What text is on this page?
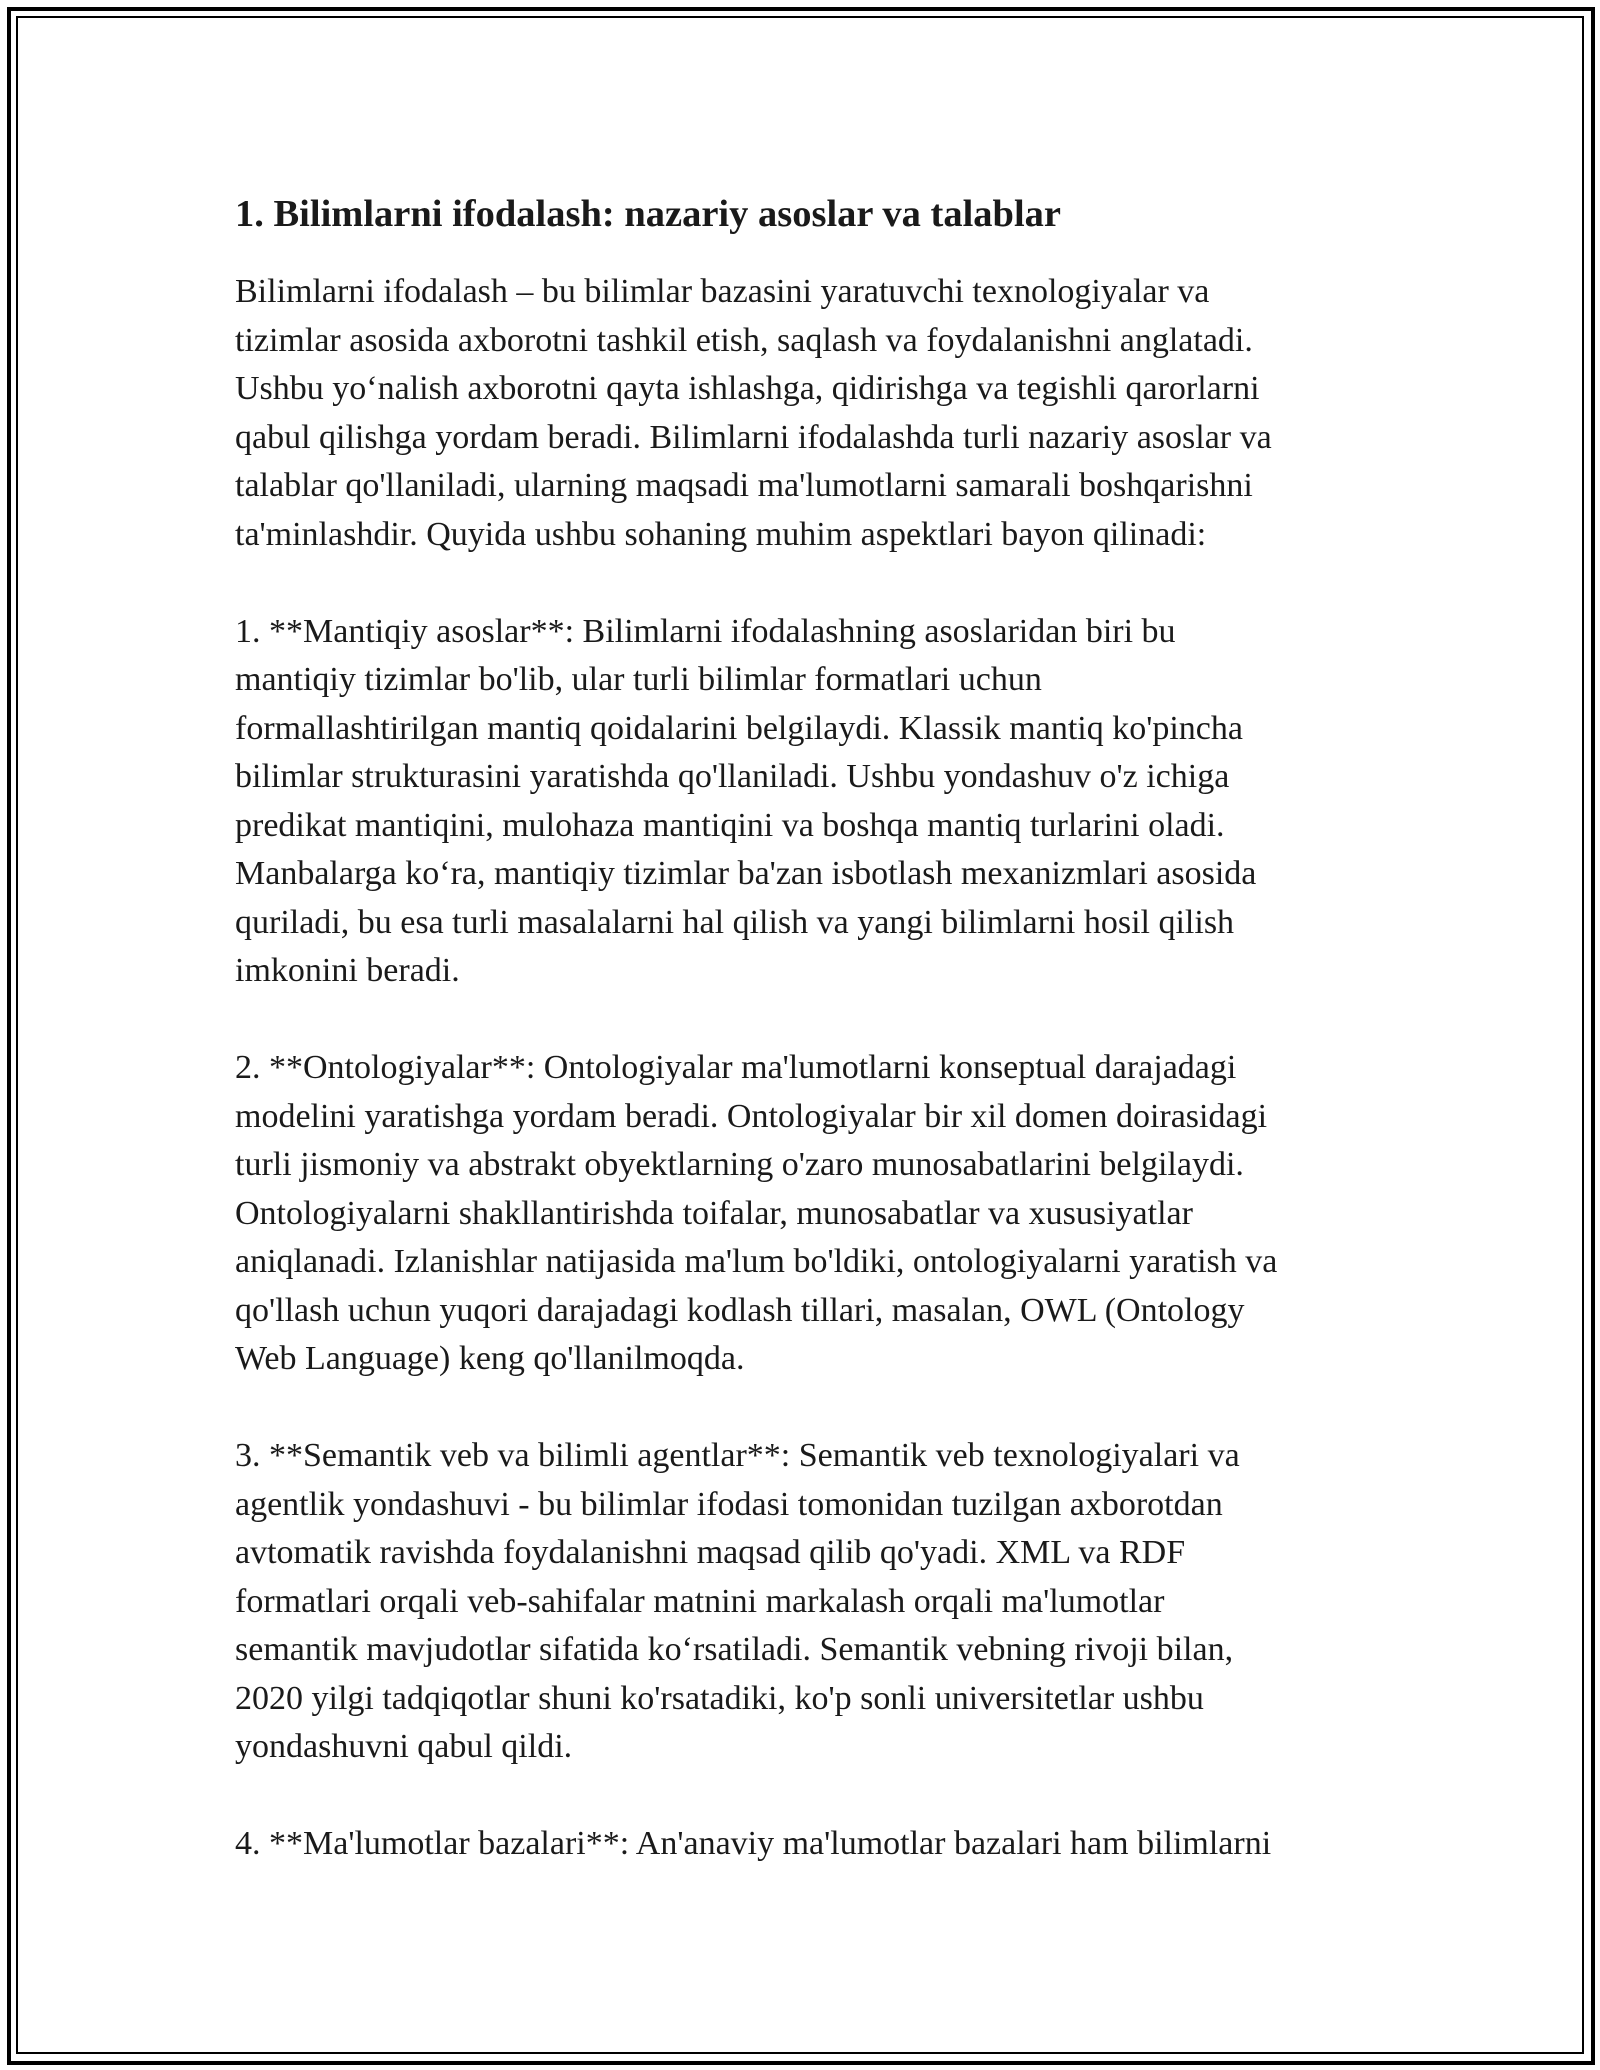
1. Bilimlarni ifodalash: nazariy asoslar va talablar

Bilimlarni ifodalash – bu bilimlar bazasini yaratuvchi texnologiyalar va
tizimlar asosida axborotni tashkil etish, saqlash va foydalanishni anglatadi.
Ushbu yo‘nalish axborotni qayta ishlashga, qidirishga va tegishli qarorlarni
qabul qilishga yordam beradi. Bilimlarni ifodalashda turli nazariy asoslar va
talablar qo'llaniladi, ularning maqsadi ma'lumotlarni samarali boshqarishni
ta'minlashdir. Quyida ushbu sohaning muhim aspektlari bayon qilinadi:

1. **Mantiqiy asoslar**: Bilimlarni ifodalashning asoslaridan biri bu
mantiqiy tizimlar bo'lib, ular turli bilimlar formatlari uchun
formallashtirilgan mantiq qoidalarini belgilaydi. Klassik mantiq ko'pincha
bilimlar strukturasini yaratishda qo'llaniladi. Ushbu yondashuv o'z ichiga
predikat mantiqini, mulohaza mantiqini va boshqa mantiq turlarini oladi.
Manbalarga ko‘ra, mantiqiy tizimlar ba'zan isbotlash mexanizmlari asosida
quriladi, bu esa turli masalalarni hal qilish va yangi bilimlarni hosil qilish
imkonini beradi.

2. **Ontologiyalar**: Ontologiyalar ma'lumotlarni konseptual darajadagi
modelini yaratishga yordam beradi. Ontologiyalar bir xil domen doirasidagi
turli jismoniy va abstrakt obyektlarning o'zaro munosabatlarini belgilaydi.
Ontologiyalarni shakllantirishda toifalar, munosabatlar va xususiyatlar
aniqlanadi. Izlanishlar natijasida ma'lum bo'ldiki, ontologiyalarni yaratish va
qo'llash uchun yuqori darajadagi kodlash tillari, masalan, OWL (Ontology
Web Language) keng qo'llanilmoqda.

3. **Semantik veb va bilimli agentlar**: Semantik veb texnologiyalari va
agentlik yondashuvi - bu bilimlar ifodasi tomonidan tuzilgan axborotdan
avtomatik ravishda foydalanishni maqsad qilib qo'yadi. XML va RDF
formatlari orqali veb-sahifalar matnini markalash orqali ma'lumotlar
semantik mavjudotlar sifatida ko‘rsatiladi. Semantik vebning rivoji bilan,
2020 yilgi tadqiqotlar shuni ko'rsatadiki, ko'p sonli universitetlar ushbu
yondashuvni qabul qildi.

4. **Ma'lumotlar bazalari**: An'anaviy ma'lumotlar bazalari ham bilimlarni
